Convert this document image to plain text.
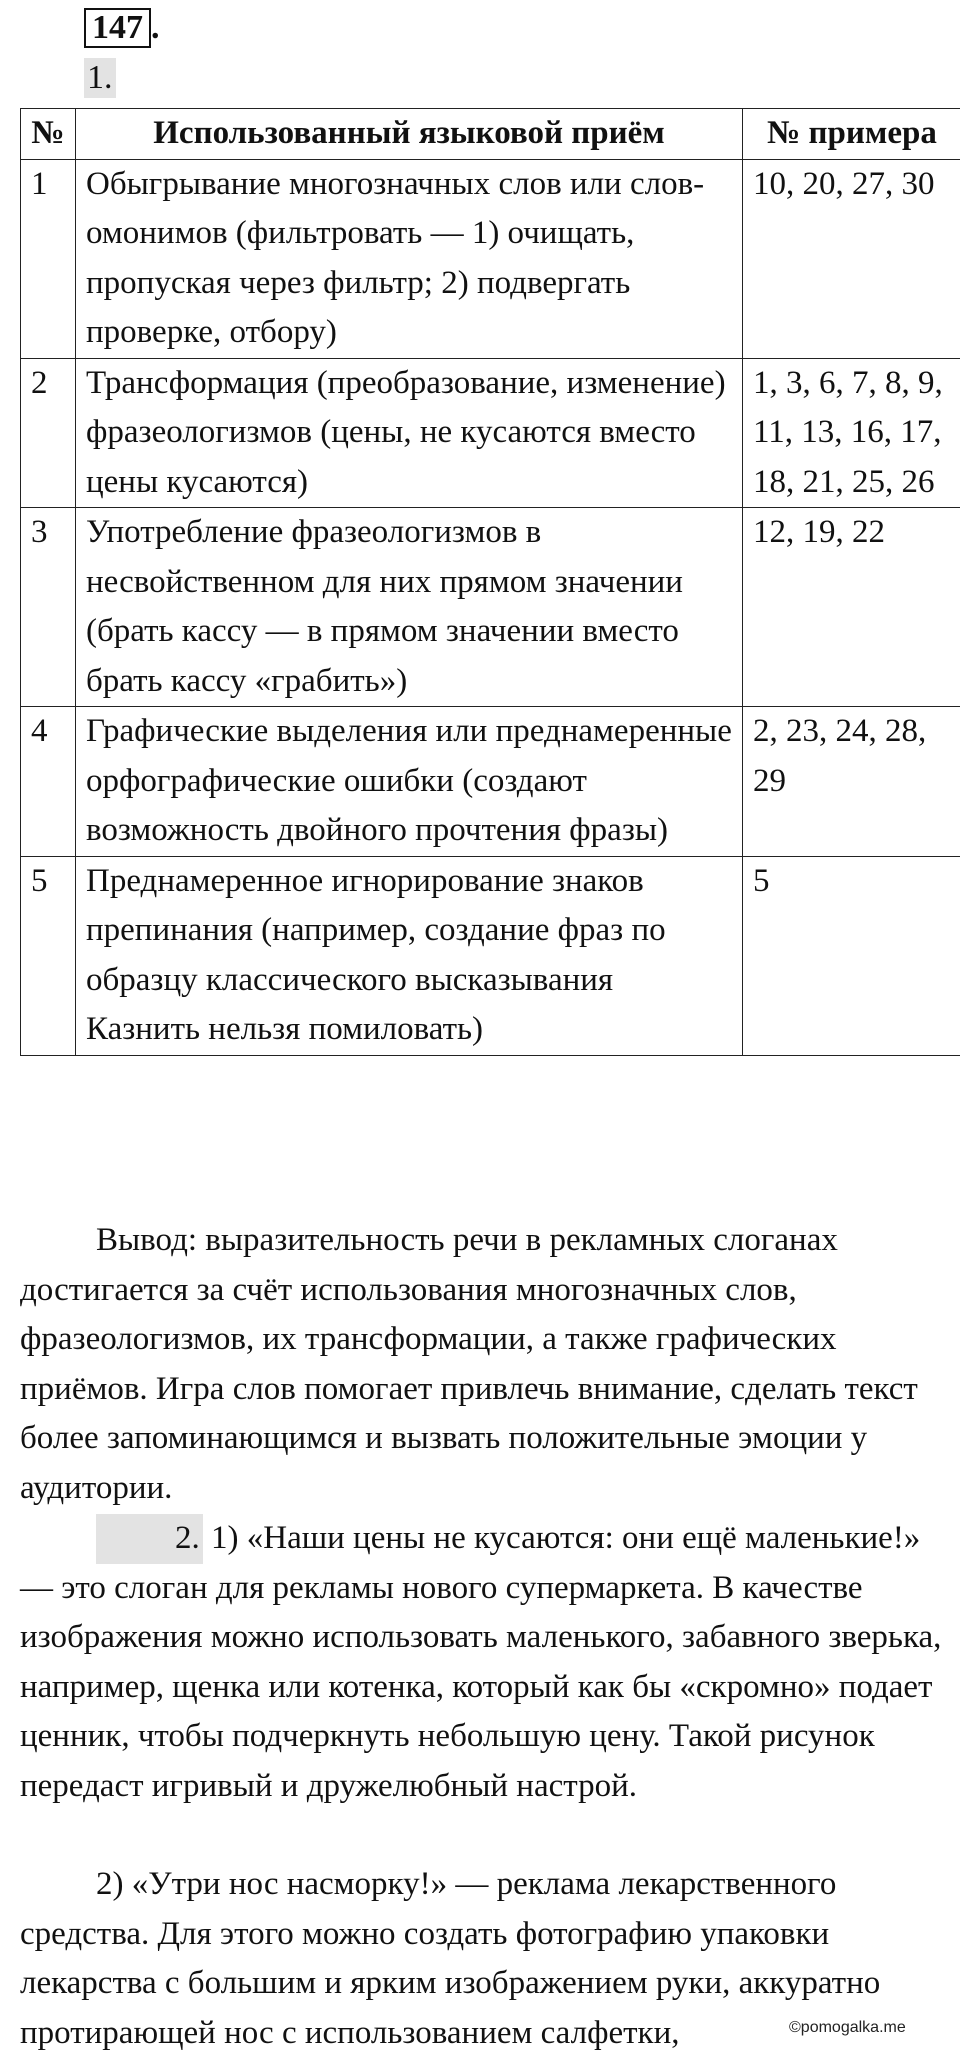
147 .
1.
№	Использованный языковой приём	№ примера
1	Обыгрывание многозначных слов или слов-омонимов (фильтровать — 1) очищать, пропуская через фильтр; 2) подвергать проверке, отбору)	10, 20, 27, 30
2	Трансформация (преобразование, изменение) фразеологизмов (цены, не кусаются вместо цены кусаются)	1, 3, 6, 7, 8, 9, 11, 13, 16, 17, 18, 21, 25, 26
3	Употребление фразеологизмов в несвойственном для них прямом значении (брать кассу — в прямом значении вместо брать кассу «грабить»)	12, 19, 22
4	Графические выделения или преднамеренные орфографические ошибки (создают возможность двойного прочтения фразы)	2, 23, 24, 28, 29
5	Преднамеренное игнорирование знаков препинания (например, создание фраз по образцу классического высказывания Казнить нельзя помиловать)	5

Вывод: выразительность речи в рекламных слоганах достигается за счёт использования многозначных слов, фразеологизмов, их трансформации, а также графических приёмов. Игра слов помогает привлечь внимание, сделать текст более запоминающимся и вызвать положительные эмоции у аудитории.

2. 1) «Наши цены не кусаются: они ещё маленькие!» — это слоган для рекламы нового супермаркета. В качестве изображения можно использовать маленького, забавного зверька, например, щенка или котенка, который как бы «скромно» подает ценник, чтобы подчеркнуть небольшую цену. Такой рисунок передаст игривый и дружелюбный настрой.

2) «Утри нос насморку!» — реклама лекарственного средства. Для этого можно создать фотографию упаковки лекарства с большим и ярким изображением руки, аккуратно протирающей нос с использованием салфетки,	©pomogalka.me
